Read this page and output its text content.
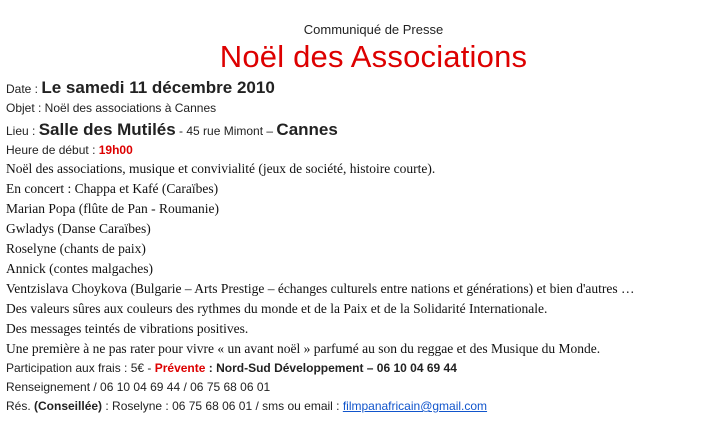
Communiqué de Presse
Noël des Associations
Date : Le samedi 11 décembre 2010
Objet : Noël des associations à Cannes
Lieu : Salle des Mutilés - 45 rue Mimont – Cannes
Heure de début : 19h00
Noël des associations, musique et convivialité (jeux de société, histoire courte).
En concert : Chappa et Kafé (Caraïbes)
Marian Popa (flûte de Pan - Roumanie)
Gwladys (Danse Caraïbes)
Roselyne (chants de paix)
Annick (contes malgaches)
Ventzislava Choykova (Bulgarie – Arts Prestige – échanges culturels entre nations et générations) et bien d'autres …
Des valeurs sûres aux couleurs des rythmes du monde et de la Paix et de la Solidarité Internationale.
Des messages teintés de vibrations positives.
Une première à ne pas rater pour vivre « un avant noël » parfumé au son du reggae et des Musique du Monde.
Participation aux frais : 5€ - Prévente : Nord-Sud Développement – 06 10 04 69 44
Renseignement / 06 10 04 69 44 / 06 75 68 06 01
Rés. (Conseillée) : Roselyne : 06 75 68 06 01 / sms ou email : filmpanafricain@gmail.com
